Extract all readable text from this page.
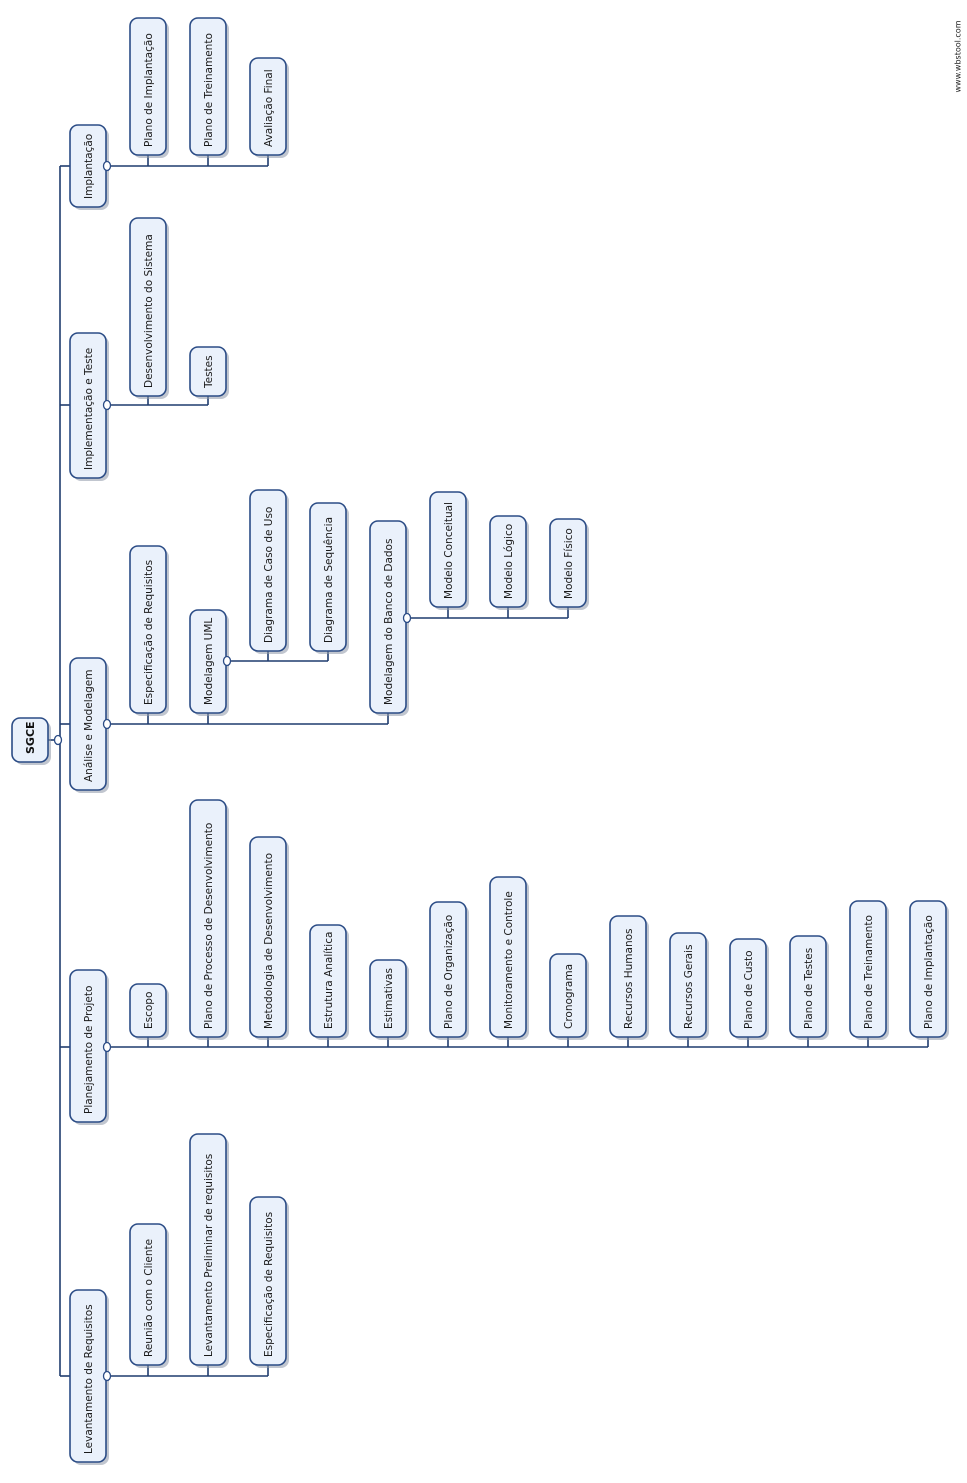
SGCE
Implantação
Plano de Implantação	Plano de Treinamento	Avaliação Final
Implementação e Teste
Desenvolvimento do Sistema	Testes
Análise e Modelagem
Especificação de Requisitos	Modelagem UML
Diagrama de Caso de Uso	Diagrama de Sequência	Modelagem do Banco de Dados	Modelo Conceitual	Modelo Lógico	Modelo Físico
Planejamento de Projeto	Escopo	Plano de Processo de Desenvolvimento	Metodologia de Desenvolvimento	Estrutura Analítica	Estimativas	Plano de Organização	Monitoramento e Controle	Cronograma	Recursos Humanos	Recursos Gerais	Plano de Custo	Plano de Testes	Plano de Treinamento	Plano de Implantação
Levantamento de Requisitos
Reunião com o Cliente	Levantamento Preliminar de requisitos	Especificação de Requisitos
www.wbstool.com
